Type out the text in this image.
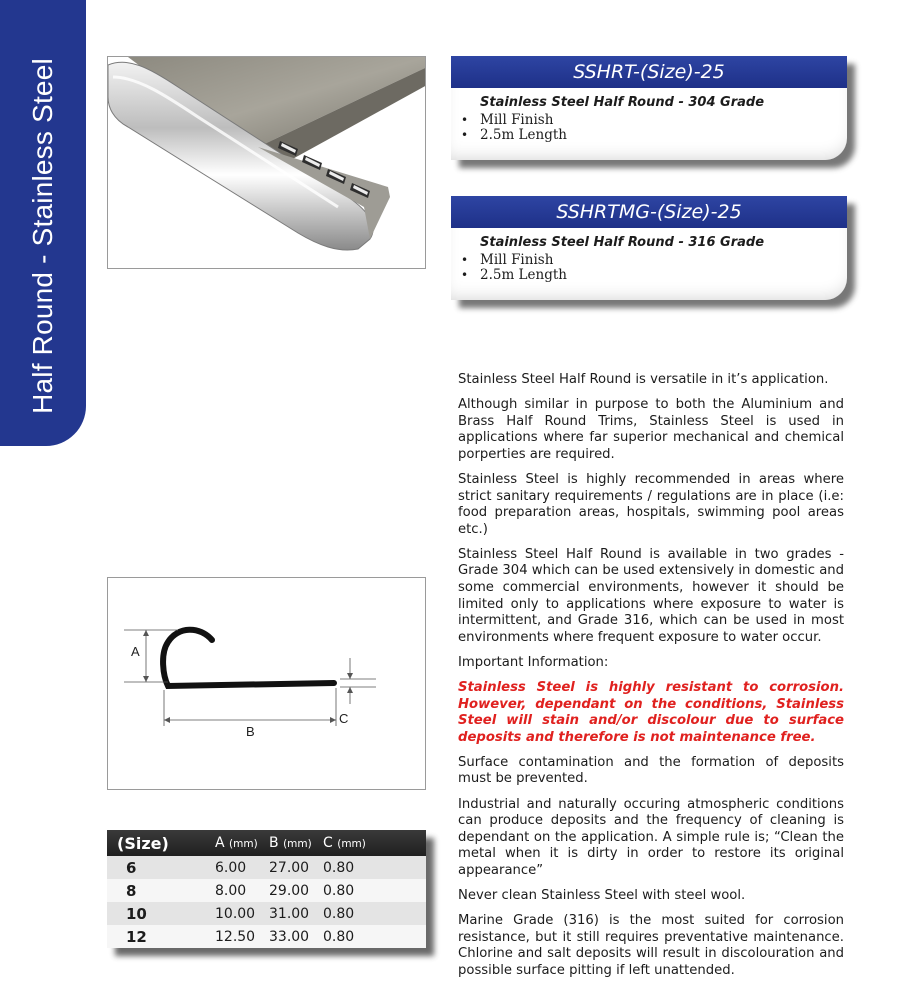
Half Round - Stainless Steel	SSHRT-(Size)-25
Stainless Steel Half Round - 304 Grade
• Mill Finish
• 2.5m Length
SSHRTMG-(Size)-25
Stainless Steel Half Round - 316 Grade
• Mill Finish
• 2.5m Length

Stainless Steel Half Round is versatile in it’s application.

Although similar in purpose to both the Aluminium and Brass Half Round Trims, Stainless Steel is used in applications where far superior mechanical and chemical porperties are required.

Stainless Steel is highly recommended in areas where strict sanitary requirements / regulations are in place (i.e: food preparation areas, hospitals, swimming pool areas etc.)

Stainless Steel Half Round is available in two grades - Grade 304 which can be used extensively in domestic and some commercial environments, however it should be limited only to applications where exposure to water is intermittent, and Grade 316, which can be used in most environments where frequent exposure to water occur.

Important Information:

Stainless Steel is highly resistant to corrosion. However, dependant on the conditions, Stainless Steel will stain and/or discolour due to surface deposits and therefore is not maintenance free.

Surface contamination and the formation of deposits must be prevented.

Industrial and naturally occuring atmospheric conditions can produce deposits and the frequency of cleaning is dependant on the application. A simple rule is; “Clean the metal when it is dirty in order to restore its original appearance”

Never clean Stainless Steel with steel wool.

Marine Grade (316) is the most suited for corrosion resistance, but it still requires preventative maintenance. Chlorine and salt deposits will result in discolouration and possible surface pitting if left unattended.

A
B
C
(Size)	A (mm)	B (mm)	C (mm)
6	6.00	27.00	0.80
8	8.00	29.00	0.80
10	10.00	31.00	0.80
12	12.50	33.00	0.80
